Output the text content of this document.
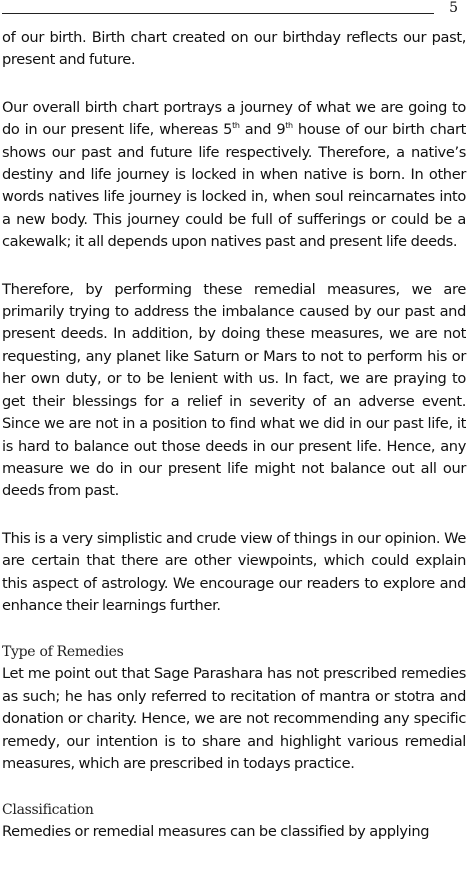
5

of our birth. Birth chart created on our birthday reflects our past, present and future.

Our overall birth chart portrays a journey of what we are going to do in our present life, whereas 5th and 9th house of our birth chart shows our past and future life respectively. Therefore, a native’s destiny and life journey is locked in when native is born. In other words natives life journey is locked in, when soul reincarnates into a new body. This journey could be full of sufferings or could be a cakewalk; it all depends upon natives past and present life deeds.

Therefore, by performing these remedial measures, we are primarily trying to address the imbalance caused by our past and present deeds. In addition, by doing these measures, we are not requesting, any planet like Saturn or Mars to not to perform his or her own duty, or to be lenient with us. In fact, we are praying to get their blessings for a relief in severity of an adverse event. Since we are not in a position to find what we did in our past life, it is hard to balance out those deeds in our present life. Hence, any measure we do in our present life might not balance out all our deeds from past.

This is a very simplistic and crude view of things in our opinion. We are certain that there are other viewpoints, which could explain this aspect of astrology. We encourage our readers to explore and enhance their learnings further.

Type of Remedies

Let me point out that Sage Parashara has not prescribed remedies as such; he has only referred to recitation of mantra or stotra and donation or charity. Hence, we are not recommending any specific remedy, our intention is to share and highlight various remedial measures, which are prescribed in todays practice.

Classification

Remedies or remedial measures can be classified by applying
